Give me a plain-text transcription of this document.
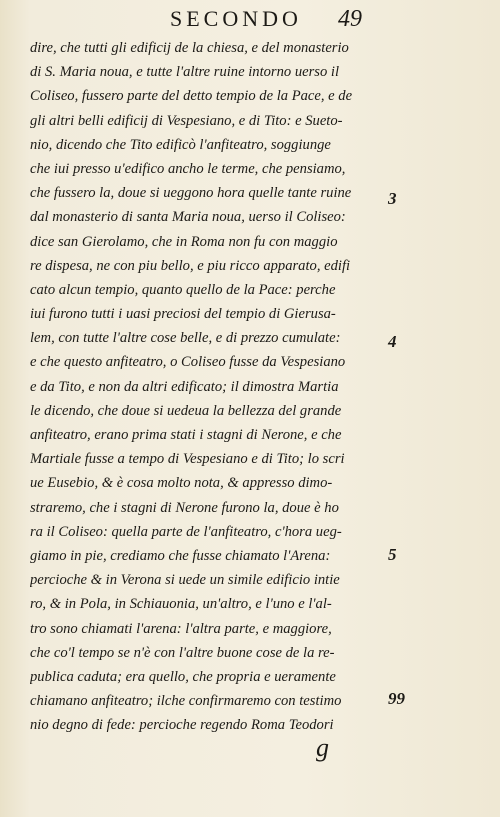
SECONDO 49
dire, che tutti gli edificij de la chiesa, e del monasterio
di S. Maria noua, e tutte l'altre ruine intorno uerso il
Coliseo, fussero parte del detto tempio de la Pace, e de
gli altri belli edificij di Vespesiano, e di Tito: e Sueto-
nio, dicendo che Tito edificò l'anfiteatro, soggiunge
che iui presso u'edifico ancho le terme, che pensiamo,
che fussero la, doue si ueggono hora quelle tante ruine
dal monasterio di santa Maria noua, uerso il Coliseo:
dice san Gierolamo, che in Roma non fu con maggio
re dispesa, ne con piu bello, e piu ricco apparato, edifi
cato alcun tempio, quanto quello de la Pace: perche
iui furono tutti i uasi preciosi del tempio di Gierusa-
lem, con tutte l'altre cose belle, e di prezzo cumulate:
e che questo anfiteatro, o Coliseo fusse da Vespesiano
e da Tito, e non da altri edificato; il dimostra Martia
le dicendo, che doue si uedeua la bellezza del grande
anfiteatro, erano prima stati i stagni di Nerone, e che
Martiale fusse a tempo di Vespesiano e di Tito; lo scri
ue Eusebio, & è cosa molto nota, & appresso dimo-
straremo, che i stagni di Nerone furono la, doue è ho
ra il Coliseo: quella parte de l'anfiteatro, c'hora ueg-
giamo in pie, crediamo che fusse chiamato l'Arena:
percioche & in Verona si uede un simile edificio intie
ro, & in Pola, in Schiauonia, un'altro, e l'uno e l'al-
tro sono chiamati l'arena: l'altra parte, e maggiore,
che co'l tempo se n'è con l'altre buone cose de la re-
publica caduta; era quello, che propria e ueramente
chiamano anfiteatro; ilche confirmaremo con testimo
nio degno di fede: percioche regendo Roma Teodori
3
4
5
99
g
